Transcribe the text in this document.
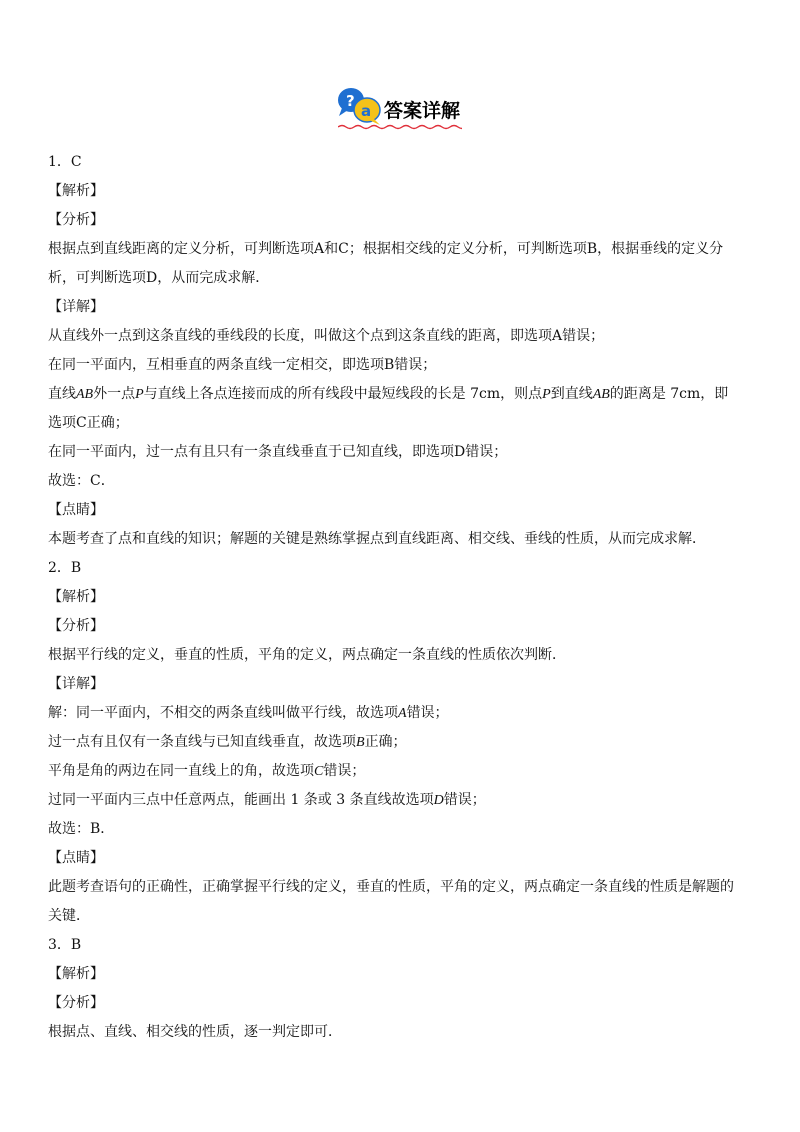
?
a 答案详解
1．C
【解析】
【分析】
根据点到直线距离的定义分析，可判断选项A和C；根据相交线的定义分析，可判断选项B，根据垂线的定义分
析，可判断选项D，从而完成求解．
【详解】
从直线外一点到这条直线的垂线段的长度，叫做这个点到这条直线的距离，即选项A错误；
在同一平面内，互相垂直的两条直线一定相交，即选项B错误；
直线AB外一点P与直线上各点连接而成的所有线段中最短线段的长是 7cm，则点P到直线AB的距离是 7cm，即
选项C正确；
在同一平面内，过一点有且只有一条直线垂直于已知直线，即选项D错误；
故选：C．
【点睛】
本题考查了点和直线的知识；解题的关键是熟练掌握点到直线距离、相交线、垂线的性质，从而完成求解．
2．B
【解析】
【分析】
根据平行线的定义，垂直的性质，平角的定义，两点确定一条直线的性质依次判断．
【详解】
解：同一平面内，不相交的两条直线叫做平行线，故选项A错误；
过一点有且仅有一条直线与已知直线垂直，故选项B正确；
平角是角的两边在同一直线上的角，故选项C错误；
过同一平面内三点中任意两点，能画出 1 条或 3 条直线故选项D错误；
故选：B．
【点睛】
此题考查语句的正确性，正确掌握平行线的定义，垂直的性质，平角的定义，两点确定一条直线的性质是解题的
关键．
3．B
【解析】
【分析】
根据点、直线、相交线的性质，逐一判定即可．
